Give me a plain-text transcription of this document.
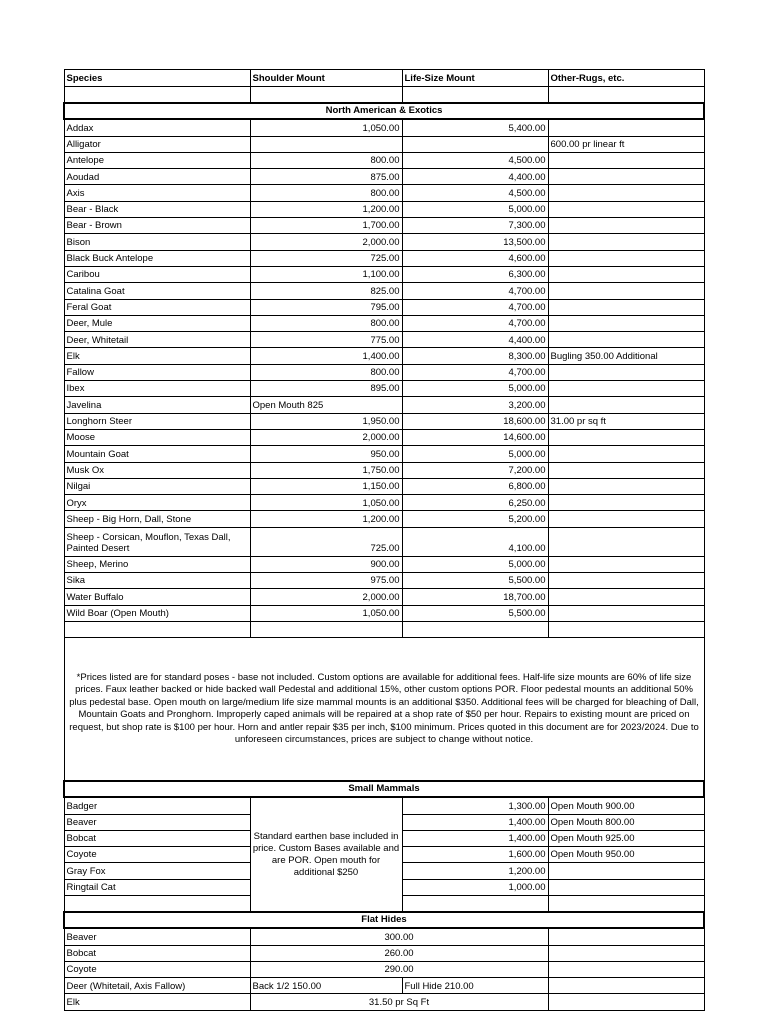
Species	Shoulder Mount	Life-Size Mount	Other-Rugs, etc.

North American & Exotics			
Addax	1,050.00	5,400.00	
Alligator			600.00 pr linear ft
Antelope	800.00	4,500.00	
Aoudad	875.00	4,400.00	
Axis	800.00	4,500.00	
Bear - Black	1,200.00	5,000.00	
Bear - Brown	1,700.00	7,300.00	
Bison	2,000.00	13,500.00	
Black Buck Antelope	725.00	4,600.00	
Caribou	1,100.00	6,300.00	
Catalina Goat	825.00	4,700.00	
Feral Goat	795.00	4,700.00	
Deer, Mule	800.00	4,700.00	
Deer, Whitetail	775.00	4,400.00	
Elk	1,400.00	8,300.00	Bugling 350.00 Additional
Fallow	800.00	4,700.00	
Ibex	895.00	5,000.00	
Javelina	Open Mouth 825	3,200.00	
Longhorn Steer	1,950.00	18,600.00	31.00 pr sq ft
Moose	2,000.00	14,600.00	
Mountain Goat	950.00	5,000.00	
Musk Ox	1,750.00	7,200.00	
Nilgai	1,150.00	6,800.00	
Oryx	1,050.00	6,250.00	
Sheep - Big Horn, Dall, Stone	1,200.00	5,200.00	
Sheep - Corsican, Mouflon, Texas Dall, Painted Desert	725.00	4,100.00	
Sheep, Merino	900.00	5,000.00	
Sika	975.00	5,500.00	
Water Buffalo	2,000.00	18,700.00	
Wild Boar (Open Mouth)	1,050.00	5,500.00	

*Prices listed are for standard poses - base not included. Custom options are available for additional fees. Half-life size mounts are 60% of life size prices. Faux leather backed or hide backed wall Pedestal and additional 15%, other custom options POR. Floor pedestal mounts an additional 50% plus pedestal base. Open mouth on large/medium life size mammal mounts is an additional $350. Additional fees will be charged for bleaching of Dall, Mountain Goats and Pronghorn. Improperly caped animals will be repaired at a shop rate of $50 per hour. Repairs to existing mount are priced on request, but shop rate is $100 per hour. Horn and antler repair $35 per inch, $100 minimum. Prices quoted in this document are for 2023/2024. Due to unforeseen circumstances, prices are subject to change without notice.			
Small Mammals			
Badger	Standard earthen base included in price. Custom Bases available and are POR. Open mouth for additional $250	1,300.00	Open Mouth 900.00
Beaver		1,400.00	Open Mouth 800.00
Bobcat		1,400.00	Open Mouth 925.00
Coyote		1,600.00	Open Mouth 950.00
Gray Fox		1,200.00	
Ringtail Cat		1,000.00	

Flat Hides			
Beaver	300.00		
Bobcat	260.00		
Coyote	290.00		
Deer (Whitetail, Axis Fallow)	Back 1/2 150.00	Full Hide 210.00	
Elk	31.50 pr Sq Ft		
